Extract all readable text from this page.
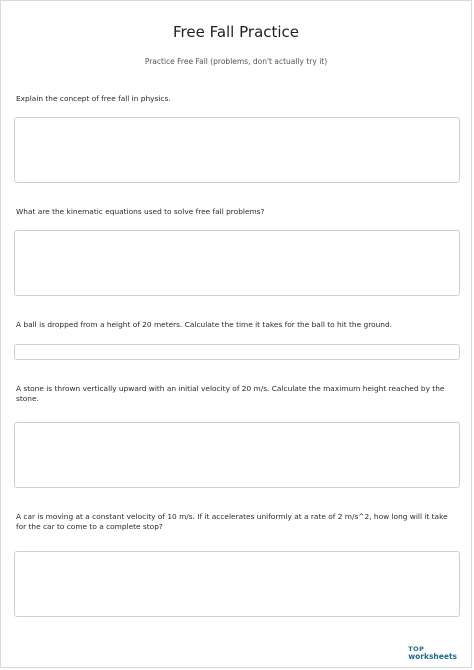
Free Fall Practice
Practice Free Fall (problems, don't actually try it)
Explain the concept of free fall in physics.
What are the kinematic equations used to solve free fall problems?
A ball is dropped from a height of 20 meters. Calculate the time it takes for the ball to hit the ground.
A stone is thrown vertically upward with an initial velocity of 20 m/s. Calculate the maximum height reached by the stone.
A car is moving at a constant velocity of 10 m/s. If it accelerates uniformly at a rate of 2 m/s^2, how long will it take for the car to come to a complete stop?
TOP
worksheets
